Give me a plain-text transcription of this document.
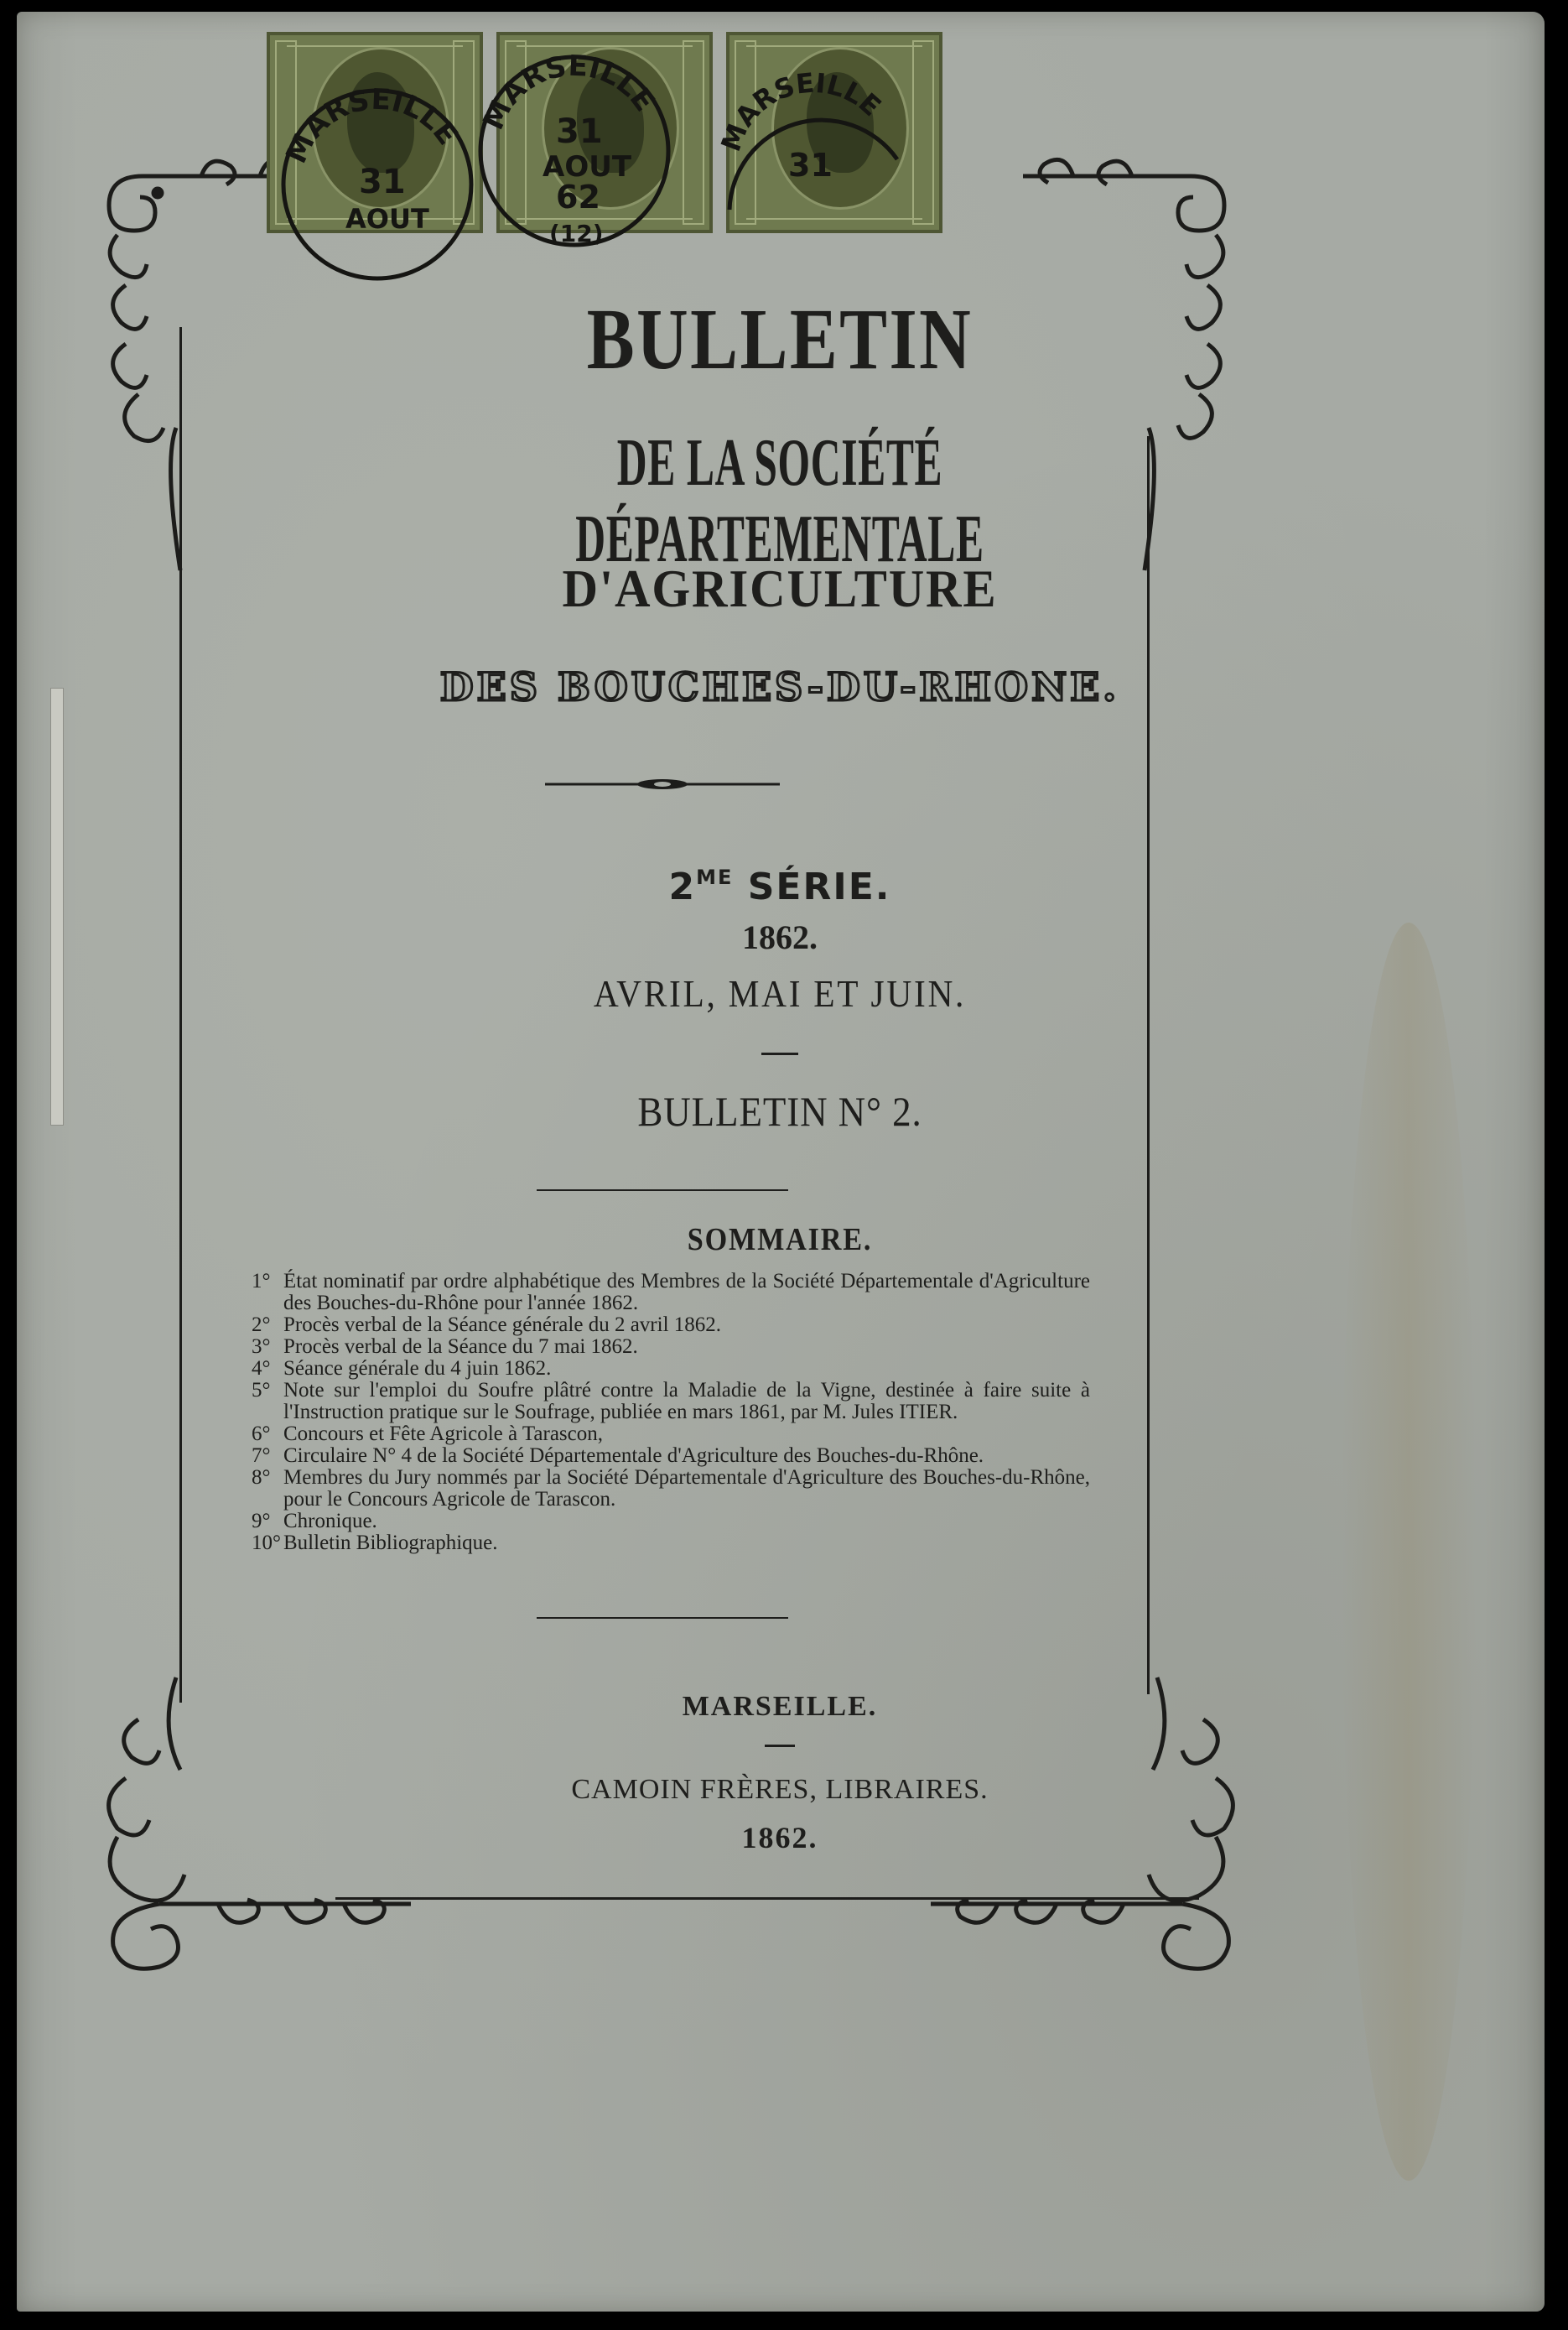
MARSEILLE
31
AOUT
MARSEILLE
31
AOUT
62
(12)
MARSEILLE
31
BULLETIN
DE LA SOCIÉTÉ DÉPARTEMENTALE
D'AGRICULTURE
DES BOUCHES-DU-RHONE.
$2^{ME}$ SÉRIE.
1862.
AVRIL, MAI ET JUIN.
BULLETIN N° 2.
SOMMAIRE.
1° État nominatif par ordre alphabétique des Membres de la Société Départementale d'Agriculture des Bouches-du-Rhône pour l'année 1862.
2° Procès verbal de la Séance générale du 2 avril 1862.
3° Procès verbal de la Séance du 7 mai 1862.
4° Séance générale du 4 juin 1862.
5° Note sur l'emploi du Soufre plâtré contre la Maladie de la Vigne, destinée à faire suite à l'Instruction pratique sur le Soufrage, publiée en mars 1861, par M. Jules ITIER.
6° Concours et Fête Agricole à Tarascon,
7° Circulaire N° 4 de la Société Départementale d'Agriculture des Bouches-du-Rhône.
8° Membres du Jury nommés par la Société Départementale d'Agriculture des Bouches-du-Rhône, pour le Concours Agricole de Tarascon.
9° Chronique.
10° Bulletin Bibliographique.
MARSEILLE.
CAMOIN FRÈRES, LIBRAIRES.
1862.
